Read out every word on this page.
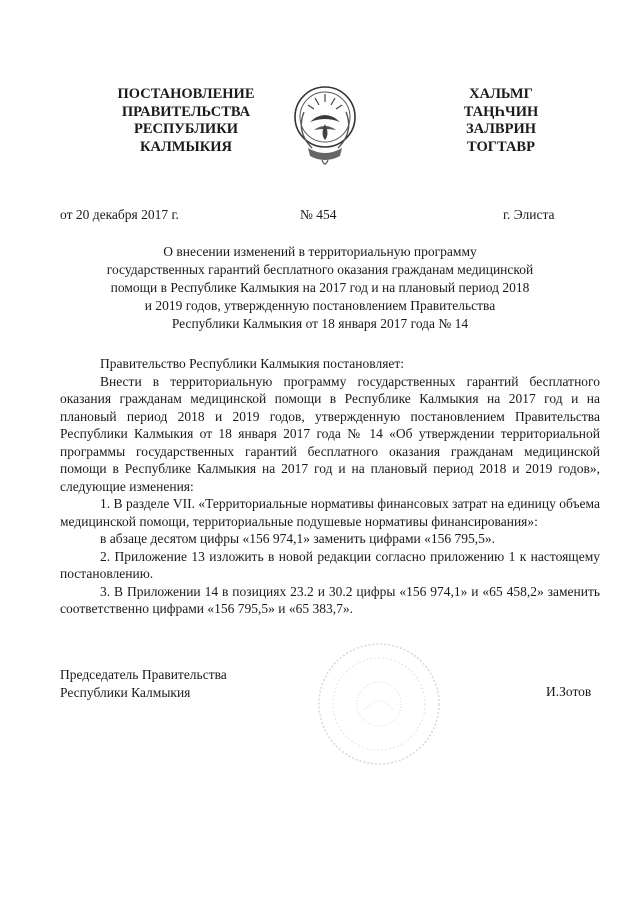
ПОСТАНОВЛЕНИЕ
ПРАВИТЕЛЬСТВА
РЕСПУБЛИКИ
КАЛМЫКИЯ
ХАЛЬМГ
ТАҢҺЧИН
ЗАЛВРИН
ТОГТАВР
от 20 декабря 2017 г.	№ 454	г. Элиста
О внесении изменений в территориальную программу
государственных гарантий бесплатного оказания гражданам медицинской
помощи в Республике Калмыкия на 2017 год и на плановый период 2018
и 2019 годов, утвержденную постановлением Правительства
Республики Калмыкия от 18 января 2017 года № 14

Правительство Республики Калмыкия постановляет:

Внести в территориальную программу государственных гарантий бесплатного оказания гражданам медицинской помощи в Республике Калмыкия на 2017 год и на плановый период 2018 и 2019 годов, утвержденную постановлением Правительства Республики Калмыкия от 18 января 2017 года № 14 «Об утверждении территориальной программы государственных гарантий бесплатного оказания гражданам медицинской помощи в Республике Калмыкия на 2017 год и на плановый период 2018 и 2019 годов», следующие изменения:

1. В разделе VII. «Территориальные нормативы финансовых затрат на единицу объема медицинской помощи, территориальные подушевые нормативы финансирования»:

в абзаце десятом цифры «156 974,1» заменить цифрами «156 795,5».

2. Приложение 13 изложить в новой редакции согласно приложению 1 к настоящему постановлению.

3. В Приложении 14 в позициях 23.2 и 30.2 цифры «156 974,1» и «65 458,2» заменить соответственно цифрами «156 795,5» и «65 383,7».

Председатель Правительства
Республики Калмыкия	И.Зотов
